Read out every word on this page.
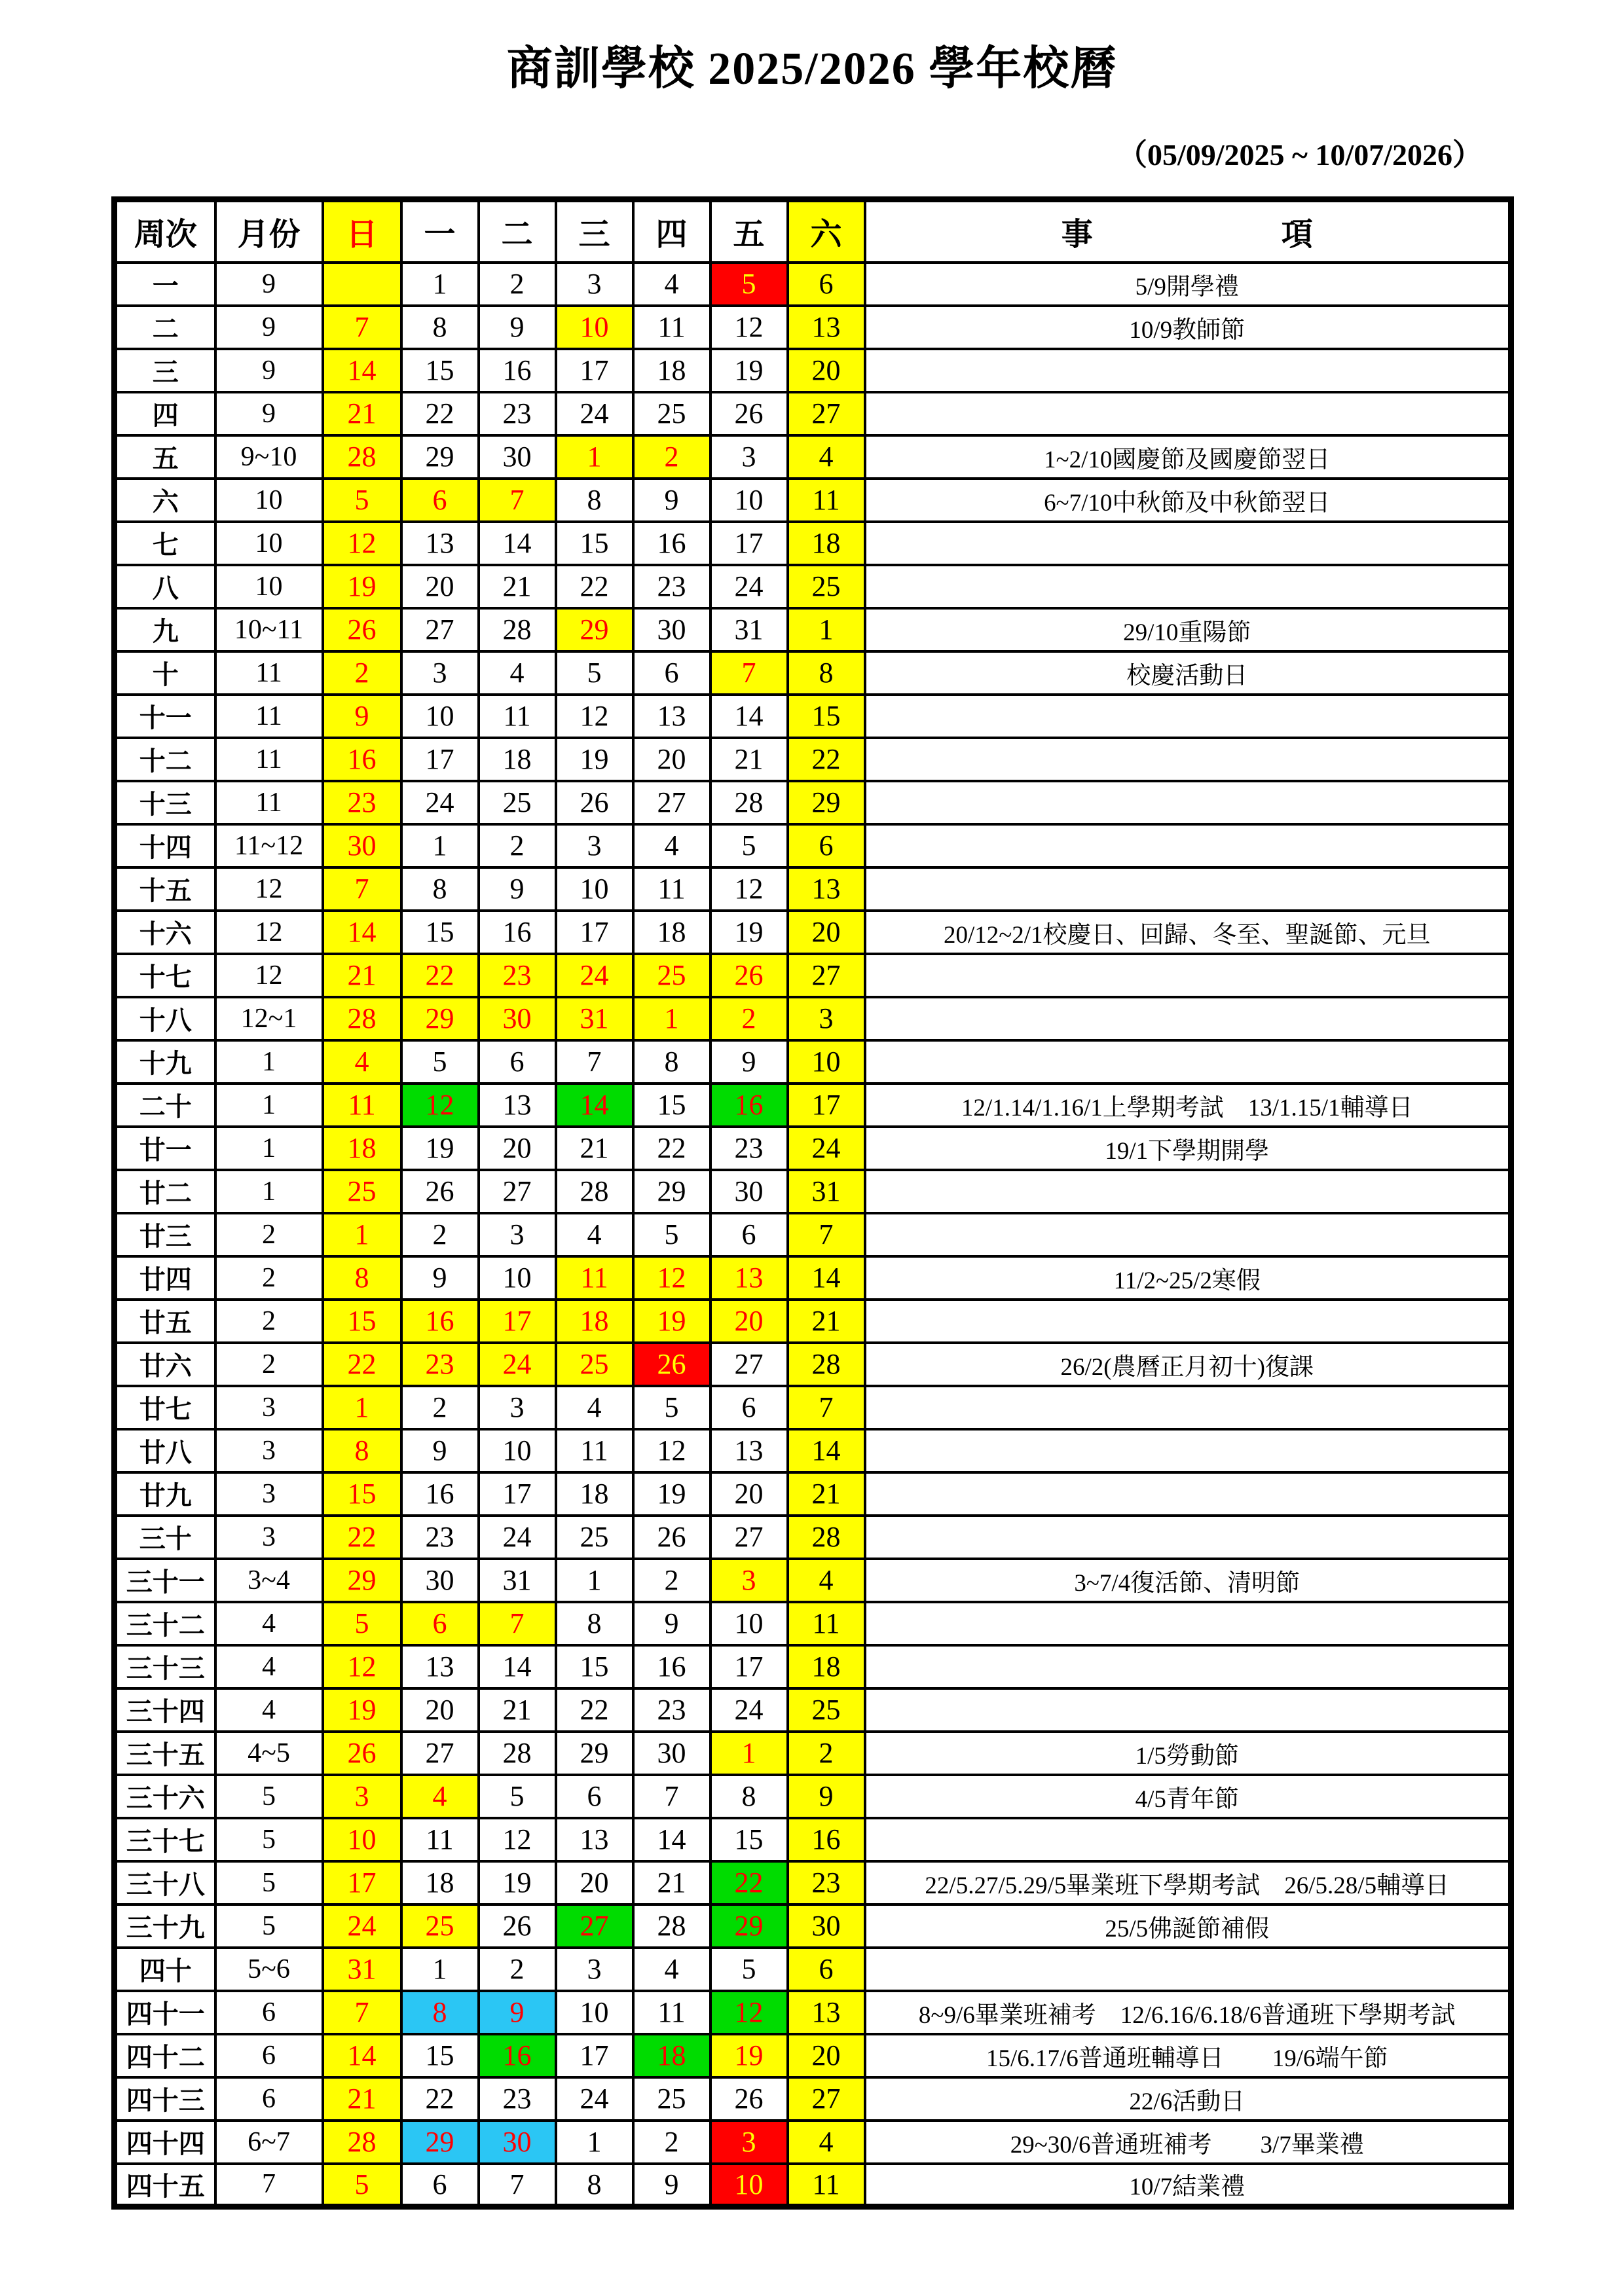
商訓學校 2025/2026 學年校曆
（05/09/2025 ~ 10/07/2026）
周次	月份	日	一	二	三	四	五	六	事　　　　　　項
一	9		1	2	3	4	5	6	5/9開學禮
二	9	7	8	9	10	11	12	13	10/9教師節
三	9	14	15	16	17	18	19	20	
四	9	21	22	23	24	25	26	27	
五	9~10	28	29	30	1	2	3	4	1~2/10國慶節及國慶節翌日
六	10	5	6	7	8	9	10	11	6~7/10中秋節及中秋節翌日
七	10	12	13	14	15	16	17	18	
八	10	19	20	21	22	23	24	25	
九	10~11	26	27	28	29	30	31	1	29/10重陽節
十	11	2	3	4	5	6	7	8	校慶活動日
十一	11	9	10	11	12	13	14	15	
十二	11	16	17	18	19	20	21	22	
十三	11	23	24	25	26	27	28	29	
十四	11~12	30	1	2	3	4	5	6	
十五	12	7	8	9	10	11	12	13	
十六	12	14	15	16	17	18	19	20	20/12~2/1校慶日、回歸、冬至、聖誕節、元旦
十七	12	21	22	23	24	25	26	27	
十八	12~1	28	29	30	31	1	2	3	
十九	1	4	5	6	7	8	9	10	
二十	1	11	12	13	14	15	16	17	12/1.14/1.16/1上學期考試　13/1.15/1輔導日
廿一	1	18	19	20	21	22	23	24	19/1下學期開學
廿二	1	25	26	27	28	29	30	31	
廿三	2	1	2	3	4	5	6	7	
廿四	2	8	9	10	11	12	13	14	11/2~25/2寒假
廿五	2	15	16	17	18	19	20	21	
廿六	2	22	23	24	25	26	27	28	26/2(農曆正月初十)復課
廿七	3	1	2	3	4	5	6	7	
廿八	3	8	9	10	11	12	13	14	
廿九	3	15	16	17	18	19	20	21	
三十	3	22	23	24	25	26	27	28	
三十一	3~4	29	30	31	1	2	3	4	3~7/4復活節、清明節
三十二	4	5	6	7	8	9	10	11	
三十三	4	12	13	14	15	16	17	18	
三十四	4	19	20	21	22	23	24	25	
三十五	4~5	26	27	28	29	30	1	2	1/5勞動節
三十六	5	3	4	5	6	7	8	9	4/5青年節
三十七	5	10	11	12	13	14	15	16	
三十八	5	17	18	19	20	21	22	23	22/5.27/5.29/5畢業班下學期考試　26/5.28/5輔導日
三十九	5	24	25	26	27	28	29	30	25/5佛誕節補假
四十	5~6	31	1	2	3	4	5	6	
四十一	6	7	8	9	10	11	12	13	8~9/6畢業班補考　12/6.16/6.18/6普通班下學期考試
四十二	6	14	15	16	17	18	19	20	15/6.17/6普通班輔導日　　19/6端午節
四十三	6	21	22	23	24	25	26	27	22/6活動日
四十四	6~7	28	29	30	1	2	3	4	29~30/6普通班補考　　3/7畢業禮
四十五	7	5	6	7	8	9	10	11	10/7結業禮
